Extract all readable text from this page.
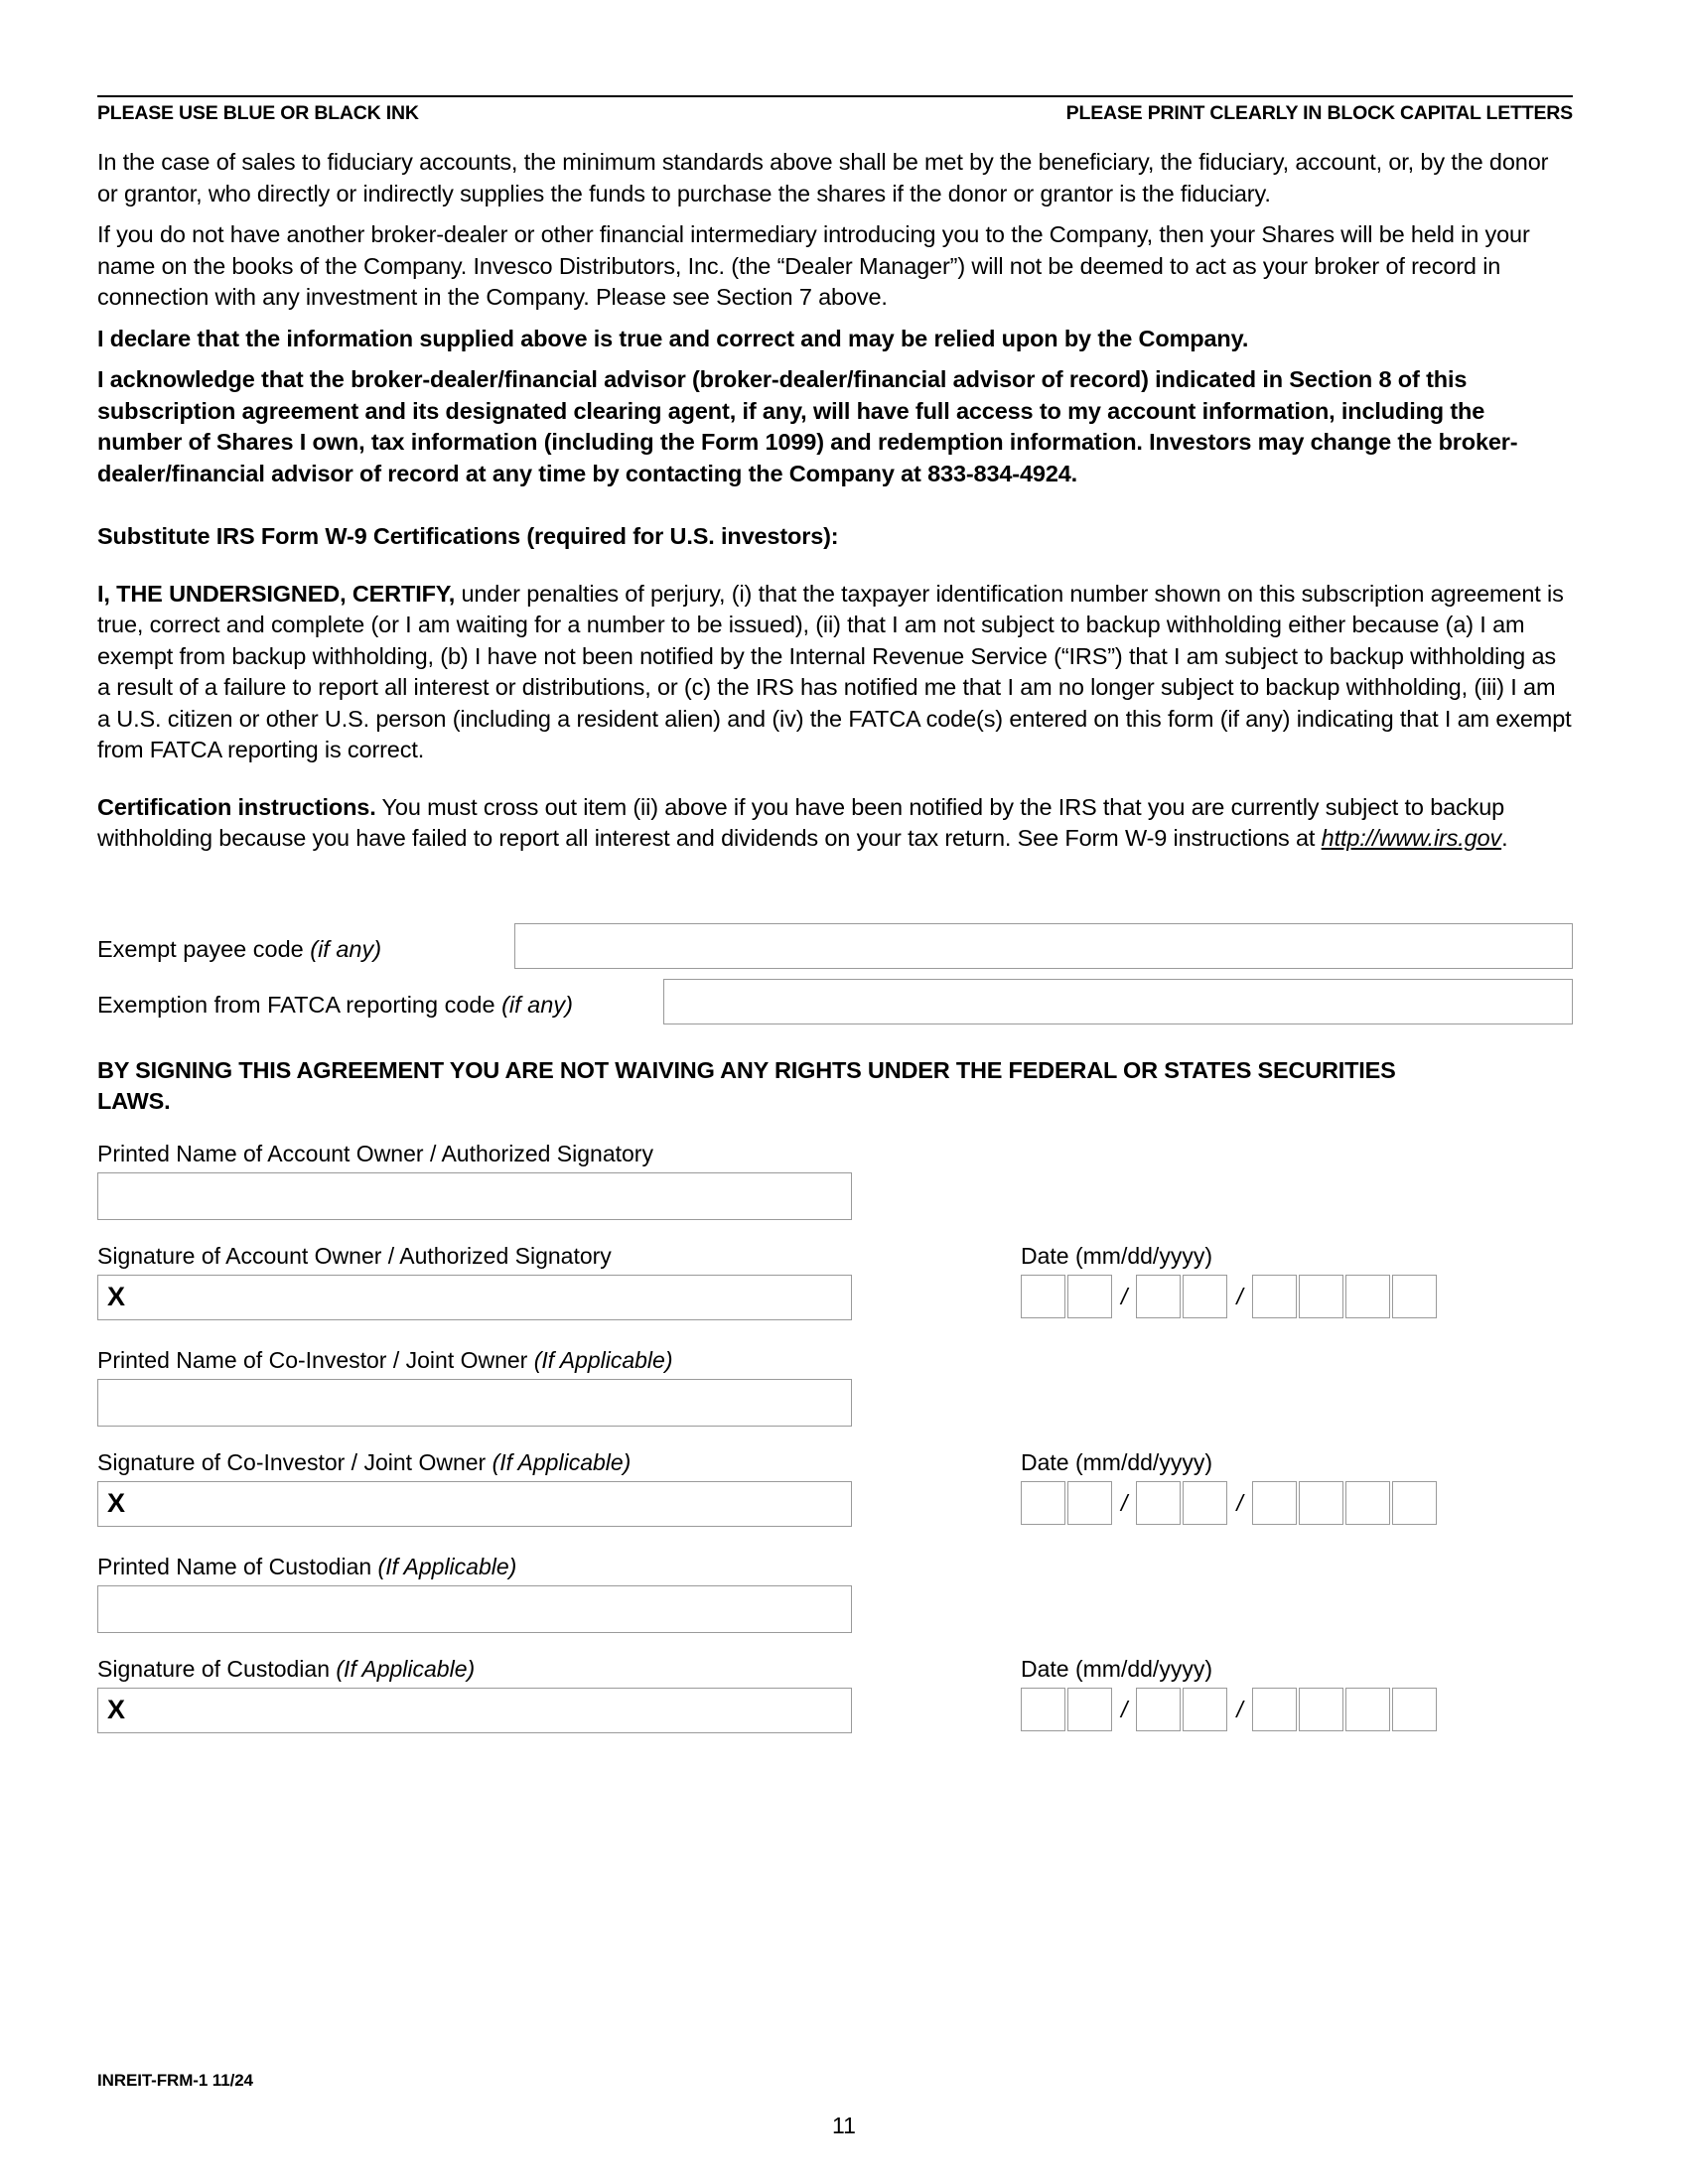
PLEASE USE BLUE OR BLACK INK	PLEASE PRINT CLEARLY IN BLOCK CAPITAL LETTERS

In the case of sales to fiduciary accounts, the minimum standards above shall be met by the beneficiary, the fiduciary, account, or, by the donor or grantor, who directly or indirectly supplies the funds to purchase the shares if the donor or grantor is the fiduciary.

If you do not have another broker-dealer or other financial intermediary introducing you to the Company, then your Shares will be held in your name on the books of the Company. Invesco Distributors, Inc. (the “Dealer Manager”) will not be deemed to act as your broker of record in connection with any investment in the Company. Please see Section 7 above.

I declare that the information supplied above is true and correct and may be relied upon by the Company.

I acknowledge that the broker-dealer/financial advisor (broker-dealer/financial advisor of record) indicated in Section 8 of this subscription agreement and its designated clearing agent, if any, will have full access to my account information, including the number of Shares I own, tax information (including the Form 1099) and redemption information. Investors may change the broker-dealer/financial advisor of record at any time by contacting the Company at 833-834-4924.

Substitute IRS Form W-9 Certifications (required for U.S. investors):

I, THE UNDERSIGNED, CERTIFY, under penalties of perjury, (i) that the taxpayer identification number shown on this subscription agreement is true, correct and complete (or I am waiting for a number to be issued), (ii) that I am not subject to backup withholding either because (a) I am exempt from backup withholding, (b) I have not been notified by the Internal Revenue Service (“IRS”) that I am subject to backup withholding as a result of a failure to report all interest or distributions, or (c) the IRS has notified me that I am no longer subject to backup withholding, (iii) I am a U.S. citizen or other U.S. person (including a resident alien) and (iv) the FATCA code(s) entered on this form (if any) indicating that I am exempt from FATCA reporting is correct.

Certification instructions. You must cross out item (ii) above if you have been notified by the IRS that you are currently subject to backup withholding because you have failed to report all interest and dividends on your tax return. See Form W-9 instructions at http://www.irs.gov.

Exempt payee code (if any)
Exemption from FATCA reporting code (if any)
BY SIGNING THIS AGREEMENT YOU ARE NOT WAIVING ANY RIGHTS UNDER THE FEDERAL OR STATES SECURITIES LAWS.
Printed Name of Account Owner / Authorized Signatory
Signature of Account Owner / Authorized Signatory
X
Date (mm/dd/yyyy)
/	/
Printed Name of Co-Investor / Joint Owner (If Applicable)
Signature of Co-Investor / Joint Owner (If Applicable)
X
Date (mm/dd/yyyy)
/	/
Printed Name of Custodian (If Applicable)
Signature of Custodian (If Applicable)
X
Date (mm/dd/yyyy)
/	/
INREIT-FRM-1 11/24
11
